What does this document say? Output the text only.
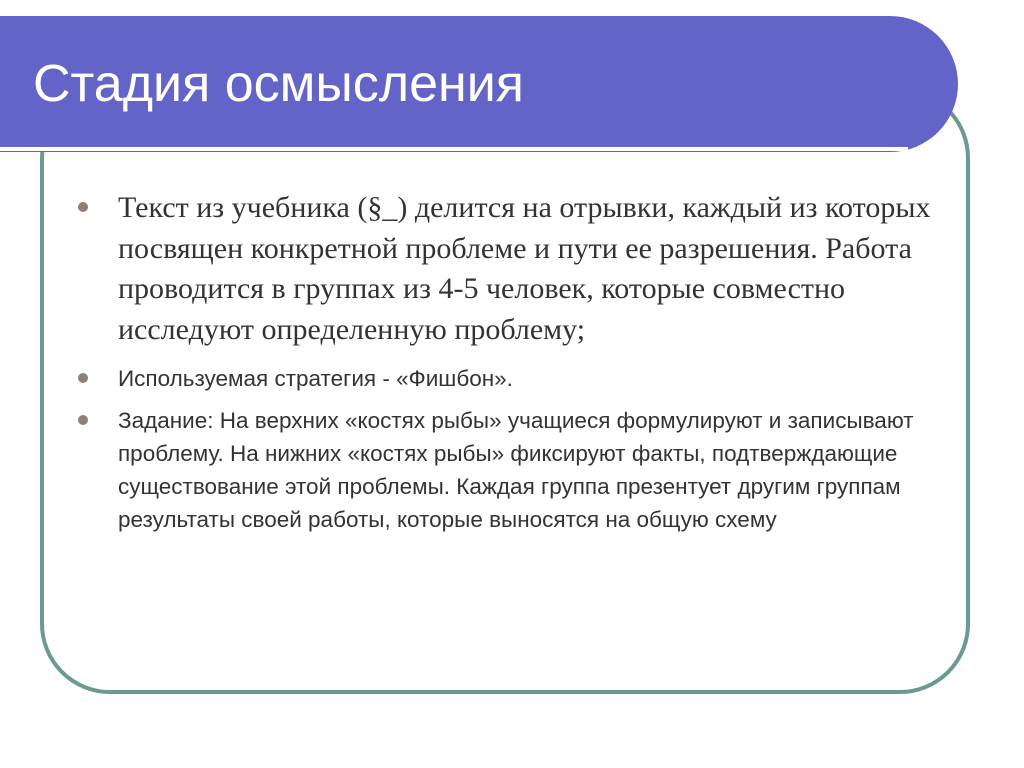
Стадия осмысления
Текст из учебника (§_) делится на отрывки, каждый из которых посвящен конкретной проблеме и пути ее разрешения. Работа проводится в группах из 4-5 человек, которые совместно исследуют определенную проблему;
Используемая стратегия - «Фишбон».
Задание: На верхних «костях рыбы» учащиеся формулируют и записывают проблему. На нижних «костях рыбы» фиксируют факты, подтверждающие существование этой проблемы. Каждая группа презентует другим группам результаты своей работы, которые выносятся на общую схему
